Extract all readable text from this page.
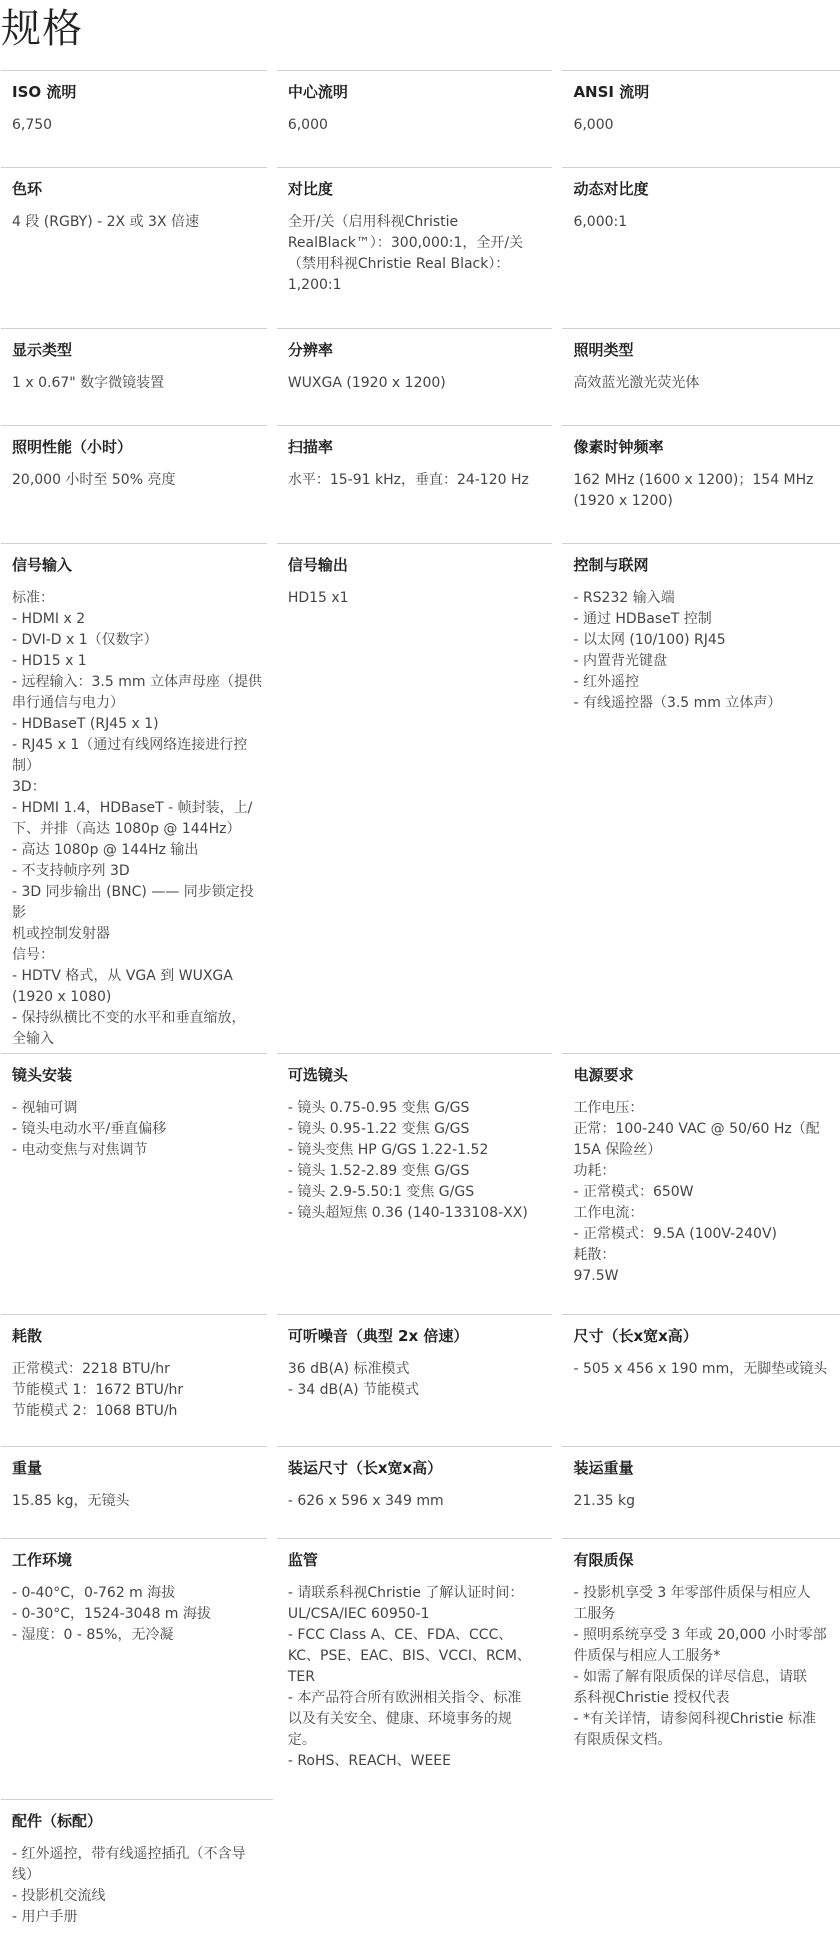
规格
ISO 流明
6,750
中心流明
6,000
ANSI 流明
6,000
色环
4 段 (RGBY) - 2X 或 3X 倍速
对比度
全开/关（启用科视Christie
RealBlack™）：300,000:1，全开/关
（禁用科视Christie Real Black）：
1,200:1
动态对比度
6,000:1
显示类型
1 x 0.67" 数字微镜装置
分辨率
WUXGA (1920 x 1200)
照明类型
高效蓝光激光荧光体
照明性能（小时）
20,000 小时至 50% 亮度
扫描率
水平：15-91 kHz，垂直：24-120 Hz
像素时钟频率
162 MHz (1600 x 1200)；154 MHz
(1920 x 1200)
信号输入
标准：
- HDMI x 2
- DVI-D x 1（仅数字）
- HD15 x 1
- 远程输入：3.5 mm 立体声母座（提供
串行通信与电力）
- HDBaseT (RJ45 x 1)
- RJ45 x 1（通过有线网络连接进行控
制）
3D：
- HDMI 1.4，HDBaseT - 帧封装，上/
下、并排（高达 1080p @ 144Hz）
- 高达 1080p @ 144Hz 输出
- 不支持帧序列 3D
- 3D 同步输出 (BNC) —— 同步锁定投影
机或控制发射器
信号：
- HDTV 格式，从 VGA 到 WUXGA
(1920 x 1080)
- 保持纵横比不变的水平和垂直缩放，
全输入
信号输出
HD15 x1
控制与联网
- RS232 输入端
- 通过 HDBaseT 控制
- 以太网 (10/100) RJ45
- 内置背光键盘
- 红外遥控
- 有线遥控器（3.5 mm 立体声）
镜头安装
- 视轴可调
- 镜头电动水平/垂直偏移
- 电动变焦与对焦调节
可选镜头
- 镜头 0.75-0.95 变焦 G/GS
- 镜头 0.95-1.22 变焦 G/GS
- 镜头变焦 HP G/GS 1.22-1.52
- 镜头 1.52-2.89 变焦 G/GS
- 镜头 2.9-5.50:1 变焦 G/GS
- 镜头超短焦 0.36 (140-133108-XX)
电源要求
工作电压：
正常：100-240 VAC @ 50/60 Hz（配
15A 保险丝）
功耗：
- 正常模式：650W
工作电流：
- 正常模式：9.5A (100V-240V)
耗散：
97.5W
耗散
正常模式：2218 BTU/hr
节能模式 1：1672 BTU/hr
节能模式 2：1068 BTU/h
可听噪音（典型 2x 倍速）
36 dB(A) 标准模式
- 34 dB(A) 节能模式
尺寸（长x宽x高）
- 505 x 456 x 190 mm，无脚垫或镜头
重量
15.85 kg，无镜头
装运尺寸（长x宽x高）
- 626 x 596 x 349 mm
装运重量
21.35 kg
工作环境
- 0-40°C，0-762 m 海拔
- 0-30°C，1524-3048 m 海拔
- 湿度：0 - 85%，无冷凝
监管
- 请联系科视Christie 了解认证时间：
UL/CSA/IEC 60950-1
- FCC Class A、CE、FDA、CCC、
KC、PSE、EAC、BIS、VCCI、RCM、
TER
- 本产品符合所有欧洲相关指令、标准
以及有关安全、健康、环境事务的规
定。
- RoHS、REACH、WEEE
有限质保
- 投影机享受 3 年零部件质保与相应人
工服务
- 照明系统享受 3 年或 20,000 小时零部
件质保与相应人工服务*
- 如需了解有限质保的详尽信息，请联
系科视Christie 授权代表
- *有关详情，请参阅科视Christie 标准
有限质保文档。
配件（标配）
- 红外遥控，带有线遥控插孔（不含导
线）
- 投影机交流线
- 用户手册
